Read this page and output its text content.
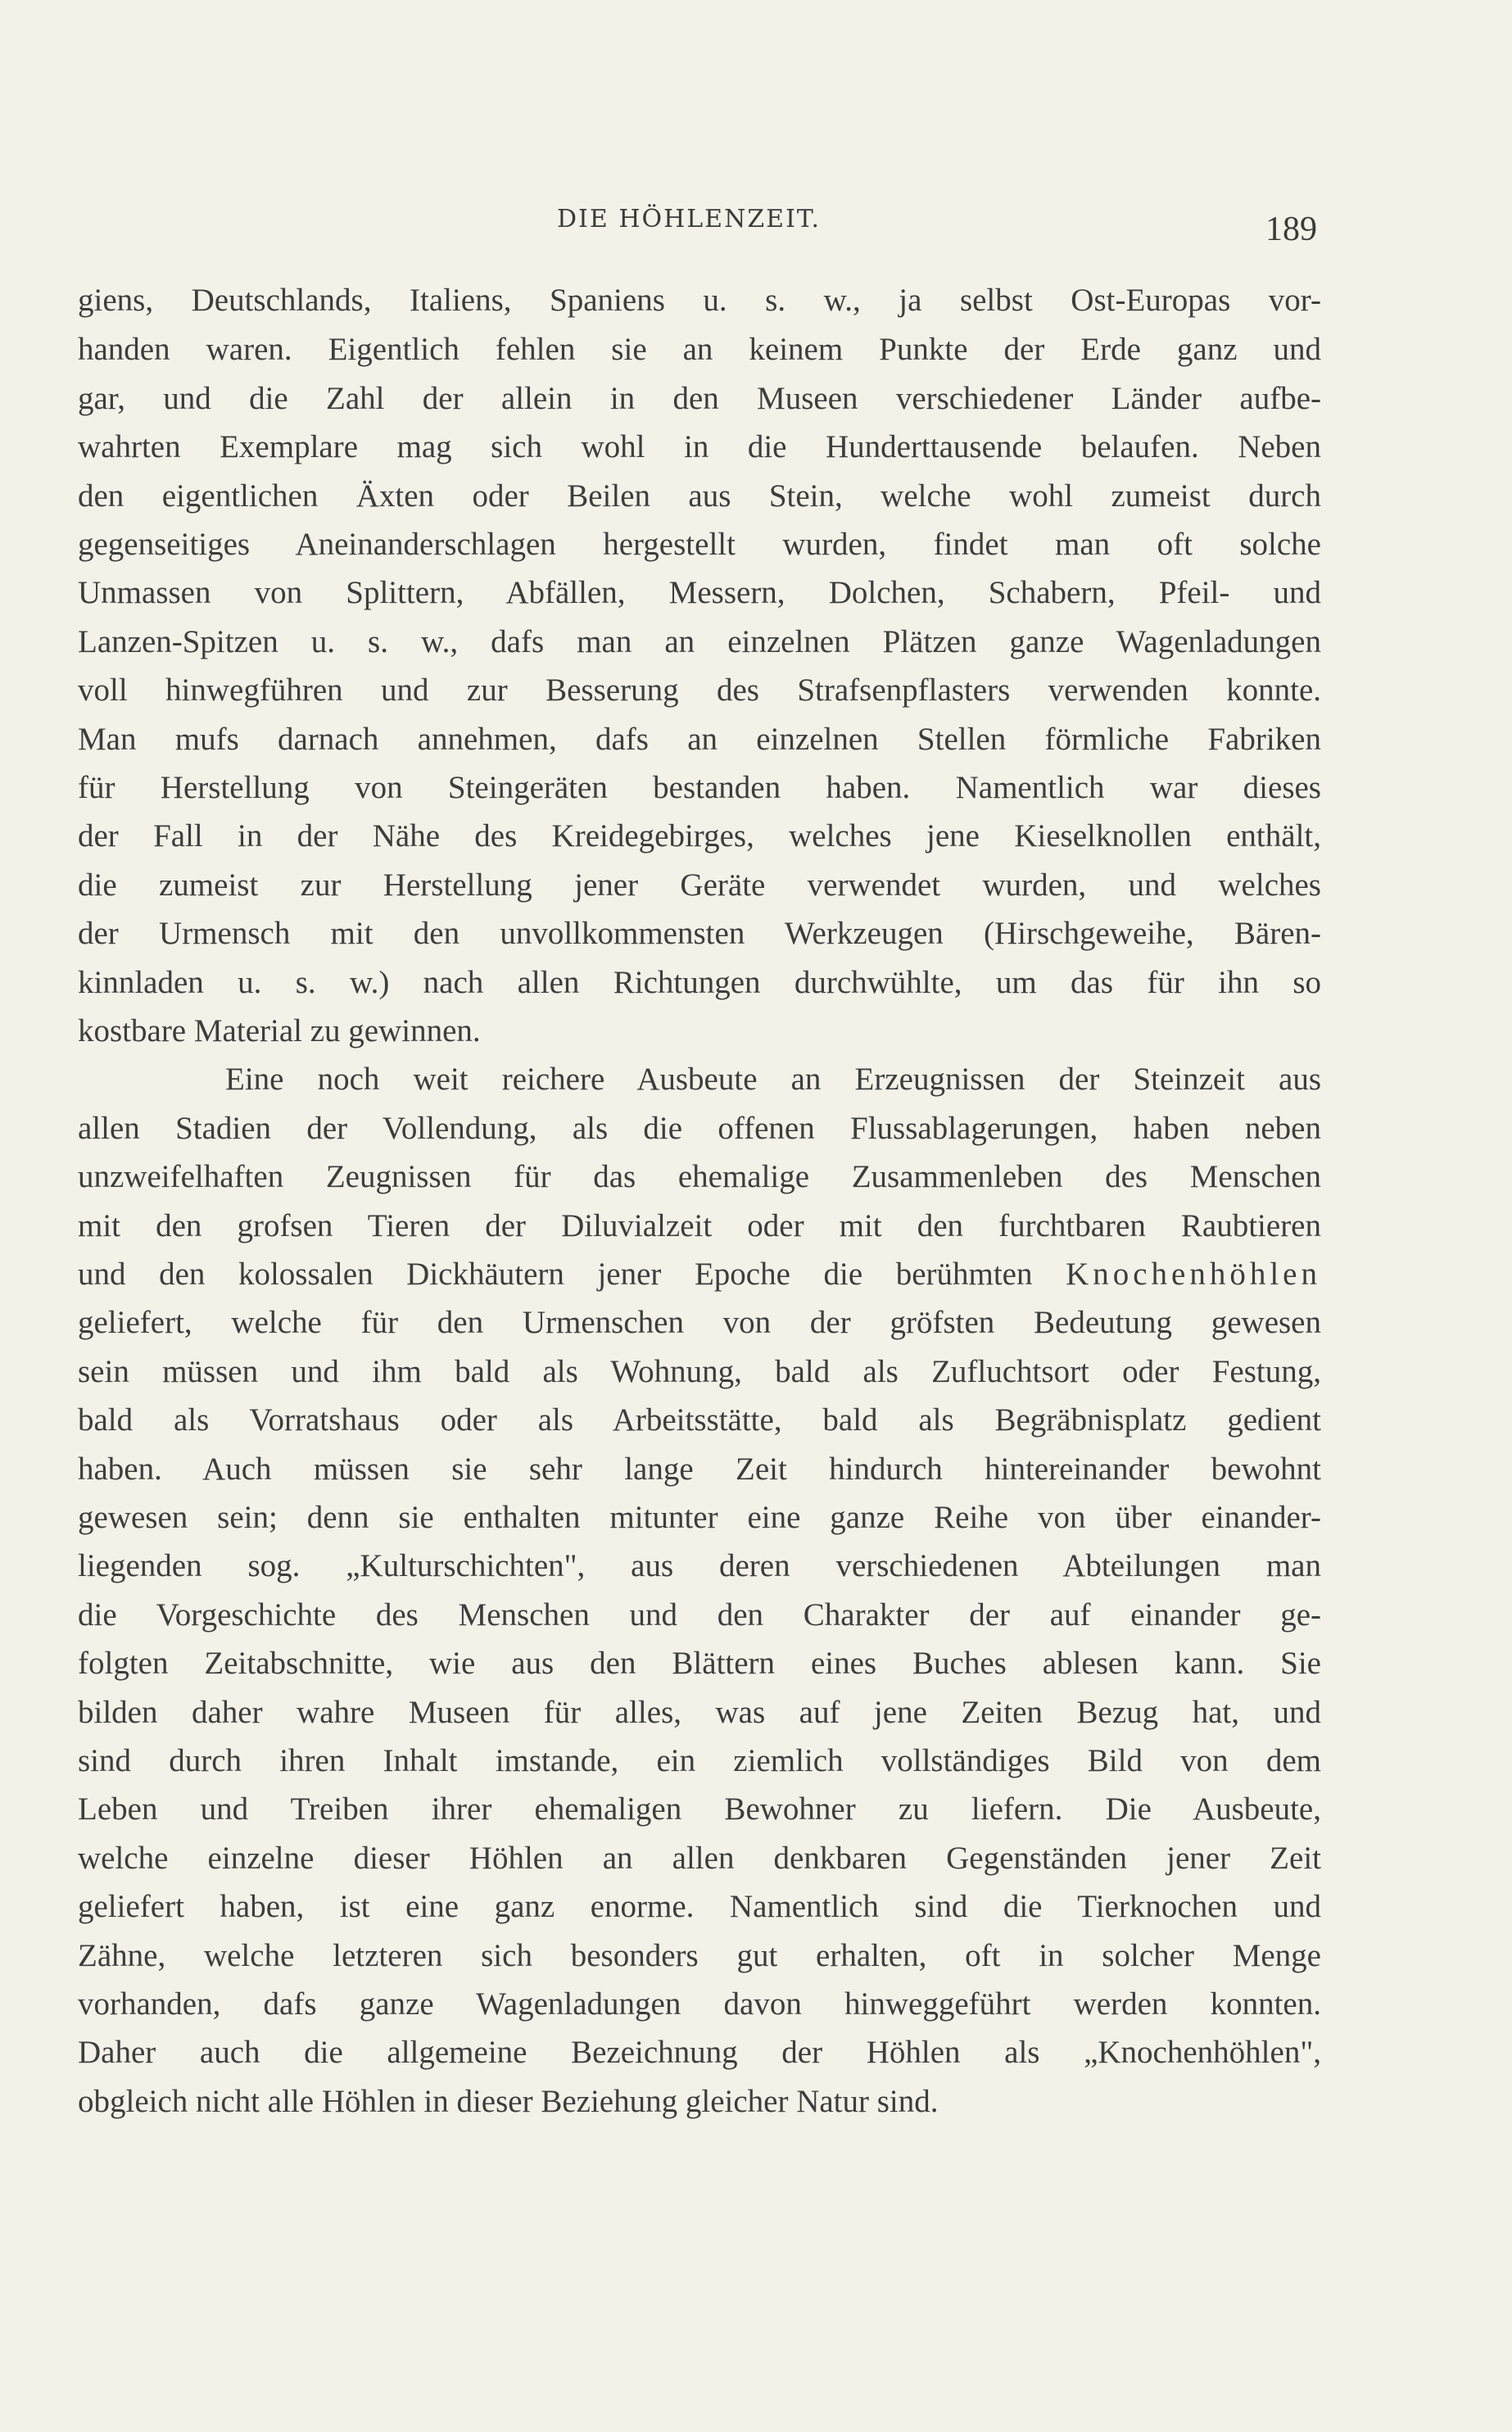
DIE HÖHLENZEIT.	189
giens, Deutschlands, Italiens, Spaniens u. s. w., ja selbst Ost-Europas vor-
handen waren. Eigentlich fehlen sie an keinem Punkte der Erde ganz und
gar, und die Zahl der allein in den Museen verschiedener Länder aufbe-
wahrten Exemplare mag sich wohl in die Hunderttausende belaufen. Neben
den eigentlichen Äxten oder Beilen aus Stein, welche wohl zumeist durch
gegenseitiges Aneinanderschlagen hergestellt wurden, findet man oft solche
Unmassen von Splittern, Abfällen, Messern, Dolchen, Schabern, Pfeil- und
Lanzen-Spitzen u. s. w., dafs man an einzelnen Plätzen ganze Wagenladungen
voll hinwegführen und zur Besserung des Strafsenpflasters verwenden konnte.
Man mufs darnach annehmen, dafs an einzelnen Stellen förmliche Fabriken
für Herstellung von Steingeräten bestanden haben. Namentlich war dieses
der Fall in der Nähe des Kreidegebirges, welches jene Kieselknollen enthält,
die zumeist zur Herstellung jener Geräte verwendet wurden, und welches
der Urmensch mit den unvollkommensten Werkzeugen (Hirschgeweihe, Bären-
kinnladen u. s. w.) nach allen Richtungen durchwühlte, um das für ihn so
kostbare Material zu gewinnen.
Eine noch weit reichere Ausbeute an Erzeugnissen der Steinzeit aus
allen Stadien der Vollendung, als die offenen Flussablagerungen, haben neben
unzweifelhaften Zeugnissen für das ehemalige Zusammenleben des Menschen
mit den grofsen Tieren der Diluvialzeit oder mit den furchtbaren Raubtieren
und den kolossalen Dickhäutern jener Epoche die berühmten Knochenhöhlen
geliefert, welche für den Urmenschen von der gröfsten Bedeutung gewesen
sein müssen und ihm bald als Wohnung, bald als Zufluchtsort oder Festung,
bald als Vorratshaus oder als Arbeitsstätte, bald als Begräbnisplatz gedient
haben. Auch müssen sie sehr lange Zeit hindurch hintereinander bewohnt
gewesen sein; denn sie enthalten mitunter eine ganze Reihe von über einander-
liegenden sog. „Kulturschichten", aus deren verschiedenen Abteilungen man
die Vorgeschichte des Menschen und den Charakter der auf einander ge-
folgten Zeitabschnitte, wie aus den Blättern eines Buches ablesen kann. Sie
bilden daher wahre Museen für alles, was auf jene Zeiten Bezug hat, und
sind durch ihren Inhalt imstande, ein ziemlich vollständiges Bild von dem
Leben und Treiben ihrer ehemaligen Bewohner zu liefern. Die Ausbeute,
welche einzelne dieser Höhlen an allen denkbaren Gegenständen jener Zeit
geliefert haben, ist eine ganz enorme. Namentlich sind die Tierknochen und
Zähne, welche letzteren sich besonders gut erhalten, oft in solcher Menge
vorhanden, dafs ganze Wagenladungen davon hinweggeführt werden konnten.
Daher auch die allgemeine Bezeichnung der Höhlen als „Knochenhöhlen",
obgleich nicht alle Höhlen in dieser Beziehung gleicher Natur sind.
